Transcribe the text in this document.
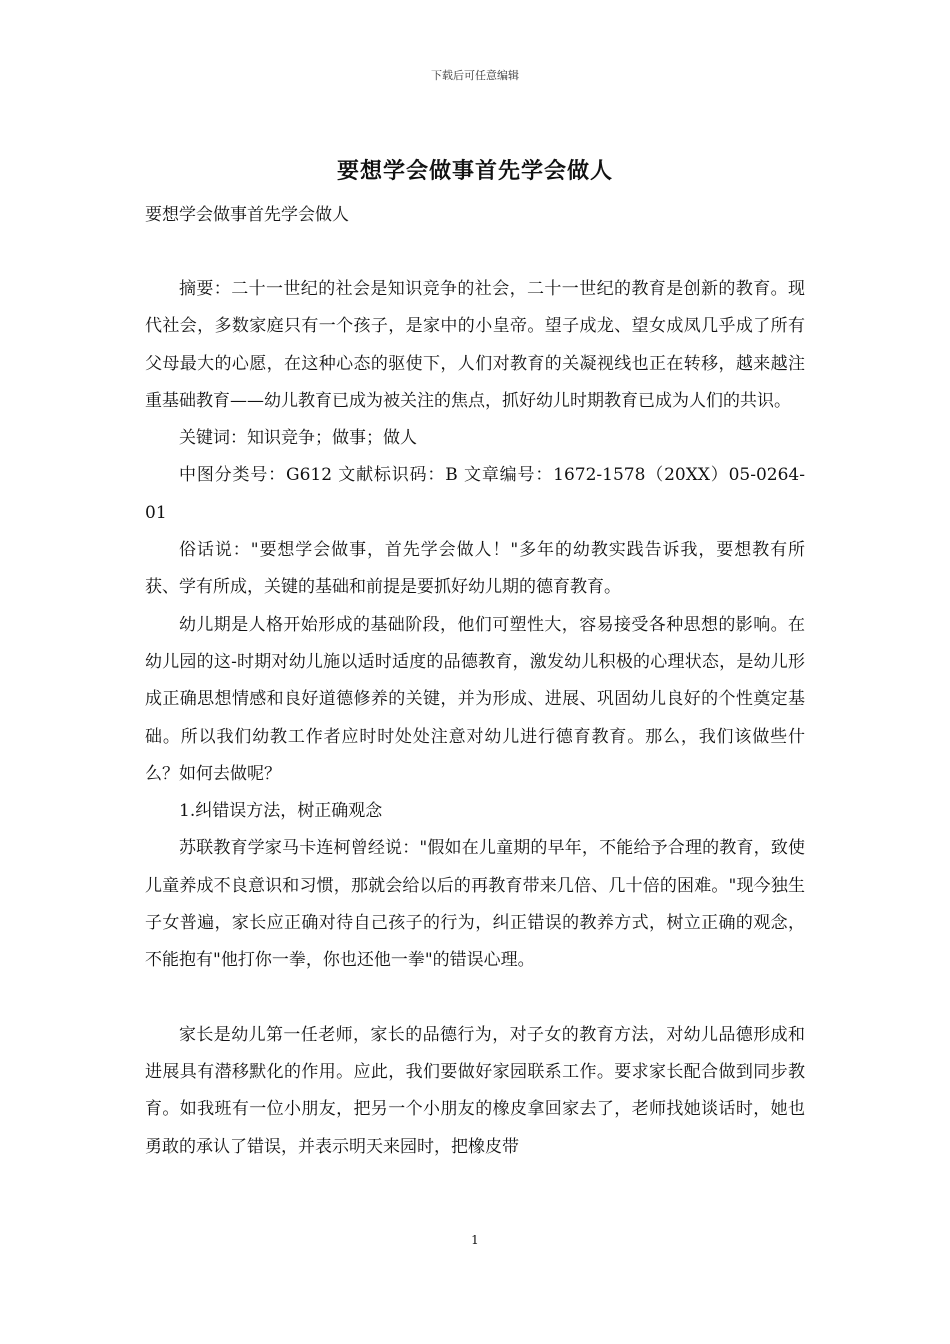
下载后可任意编辑
要想学会做事首先学会做人
要想学会做事首先学会做人

摘要：二十一世纪的社会是知识竞争的社会，二十一世纪的教育是创新的教育。现代社会，多数家庭只有一个孩子，是家中的小皇帝。望子成龙、望女成凤几乎成了所有父母最大的心愿，在这种心态的驱使下，人们对教育的关凝视线也正在转移，越来越注重基础教育——幼儿教育已成为被关注的焦点，抓好幼儿时期教育已成为人们的共识。

关键词：知识竞争；做事；做人

中图分类号：G612 文献标识码：B 文章编号：1672-1578（20XX）05-0264-01

俗话说："要想学会做事，首先学会做人！"多年的幼教实践告诉我，要想教有所获、学有所成，关键的基础和前提是要抓好幼儿期的德育教育。

幼儿期是人格开始形成的基础阶段，他们可塑性大，容易接受各种思想的影响。在幼儿园的这-时期对幼儿施以适时适度的品德教育，激发幼儿积极的心理状态，是幼儿形成正确思想情感和良好道德修养的关键，并为形成、进展、巩固幼儿良好的个性奠定基础。所以我们幼教工作者应时时处处注意对幼儿进行德育教育。那么，我们该做些什么？如何去做呢？

1.纠错误方法，树正确观念

苏联教育学家马卡连柯曾经说："假如在儿童期的早年，不能给予合理的教育，致使儿童养成不良意识和习惯，那就会给以后的再教育带来几倍、几十倍的困难。"现今独生子女普遍，家长应正确对待自己孩子的行为，纠正错误的教养方式，树立正确的观念，不能抱有"他打你一拳，你也还他一拳"的错误心理。

家长是幼儿第一任老师，家长的品德行为，对子女的教育方法，对幼儿品德形成和进展具有潜移默化的作用。应此，我们要做好家园联系工作。要求家长配合做到同步教育。如我班有一位小朋友，把另一个小朋友的橡皮拿回家去了，老师找她谈话时，她也勇敢的承认了错误，并表示明天来园时，把橡皮带

1
